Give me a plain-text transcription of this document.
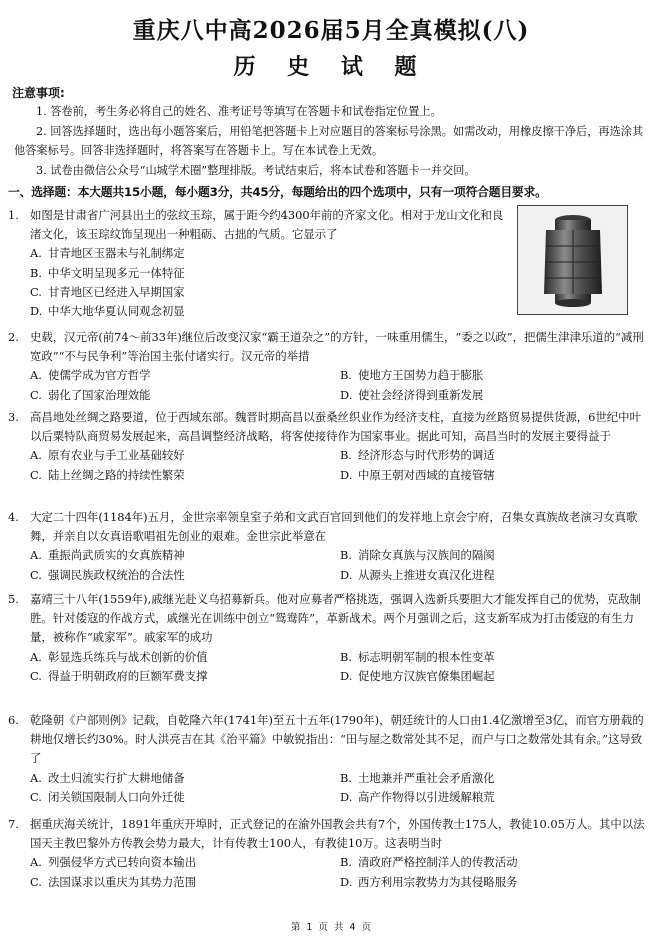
重庆八中高2026届5月全真模拟(八)
历 史 试 题
注意事项:

1. 答卷前，考生务必将自己的姓名、准考证号等填写在答题卡和试卷指定位置上。

2. 回答选择题时，选出每小题答案后，用铅笔把答题卡上对应题目的答案标号涂黑。如需改动，用橡皮擦干净后，再选涂其他答案标号。回答非选择题时，将答案写在答题卡上。写在本试卷上无效。

3. 试卷由微信公众号“山城学术圈”整理排版。考试结束后，将本试卷和答题卡一并交回。

一、选择题：本大题共15小题，每小题3分，共45分，每题给出的四个选项中，只有一项符合题目要求。

1. 如图是甘肃省广河县出土的弦纹玉琮，属于距今约4300年前的齐家文化。相对于龙山文化和良渚文化，该玉琮纹饰呈现出一种粗砺、古拙的气质。它显示了

A. 甘青地区玉器未与礼制绑定
B. 中华文明呈现多元一体特征
C. 甘青地区已经进入早期国家
D. 中华大地华夏认同观念初显

2. 史载，汉元帝(前74～前33年)继位后改变汉家“霸王道杂之”的方针，一味重用儒生，“委之以政”，把儒生津津乐道的“减刑宽政”“不与民争利”等治国主张付诸实行。汉元帝的举措

A. 使儒学成为官方哲学	B. 使地方王国势力趋于膨胀
C. 弱化了国家治理效能	D. 使社会经济得到重新发展

3. 高昌地处丝绸之路要道，位于西域东部。魏晋时期高昌以蚕桑丝织业作为经济支柱，直接为丝路贸易提供货源，6世纪中叶以后粟特队商贸易发展起来，高昌调整经济战略，将客使接待作为国家事业。据此可知，高昌当时的发展主要得益于

A. 原有农业与手工业基础较好	B. 经济形态与时代形势的调适
C. 陆上丝绸之路的持续性繁荣	D. 中原王朝对西域的直接管辖

4. 大定二十四年(1184年)五月，金世宗率领皇室子弟和文武百官回到他们的发祥地上京会宁府，召集女真族故老演习女真歌舞，并亲自以女真语歌唱祖先创业的艰难。金世宗此举意在

A. 重振尚武质实的女真族精神	B. 消除女真族与汉族间的隔阂
C. 强调民族政权统治的合法性	D. 从源头上推进女真汉化进程

5. 嘉靖三十八年(1559年),戚继光赴义乌招募新兵。他对应募者严格挑选，强调入选新兵要胆大才能发挥自己的优势，克敌制胜。针对倭寇的作战方式，戚继光在训练中创立“鸳鸯阵”，革新战术。两个月强训之后，这支新军成为打击倭寇的有生力量，被称作“戚家军”。戚家军的成功

A. 彰显选兵练兵与战术创新的价值	B. 标志明朝军制的根本性变革
C. 得益于明朝政府的巨额军费支撑	D. 促使地方汉族官僚集团崛起

6. 乾隆朝《户部则例》记载，自乾隆六年(1741年)至五十五年(1790年)，朝廷统计的人口由1.4亿激增至3亿，而官方册载的耕地仅增长约30%。时人洪亮吉在其《治平篇》中敏锐指出：“田与屋之数常处其不足，而户与口之数常处其有余。”这导致了

A. 改土归流实行扩大耕地储备	B. 土地兼并严重社会矛盾激化
C. 闭关锁国限制人口向外迁徙	D. 高产作物得以引进缓解粮荒

7. 据重庆海关统计，1891年重庆开埠时，正式登记的在渝外国教会共有7个，外国传教士175人，教徒10.05万人。其中以法国天主教巴黎外方传教会势力最大，计有传教士100人，有教徒10万。这表明当时

A. 列强侵华方式已转向资本输出	B. 清政府严格控制洋人的传教活动
C. 法国谋求以重庆为其势力范围	D. 西方利用宗教势力为其侵略服务
第 1 页 共 4 页
